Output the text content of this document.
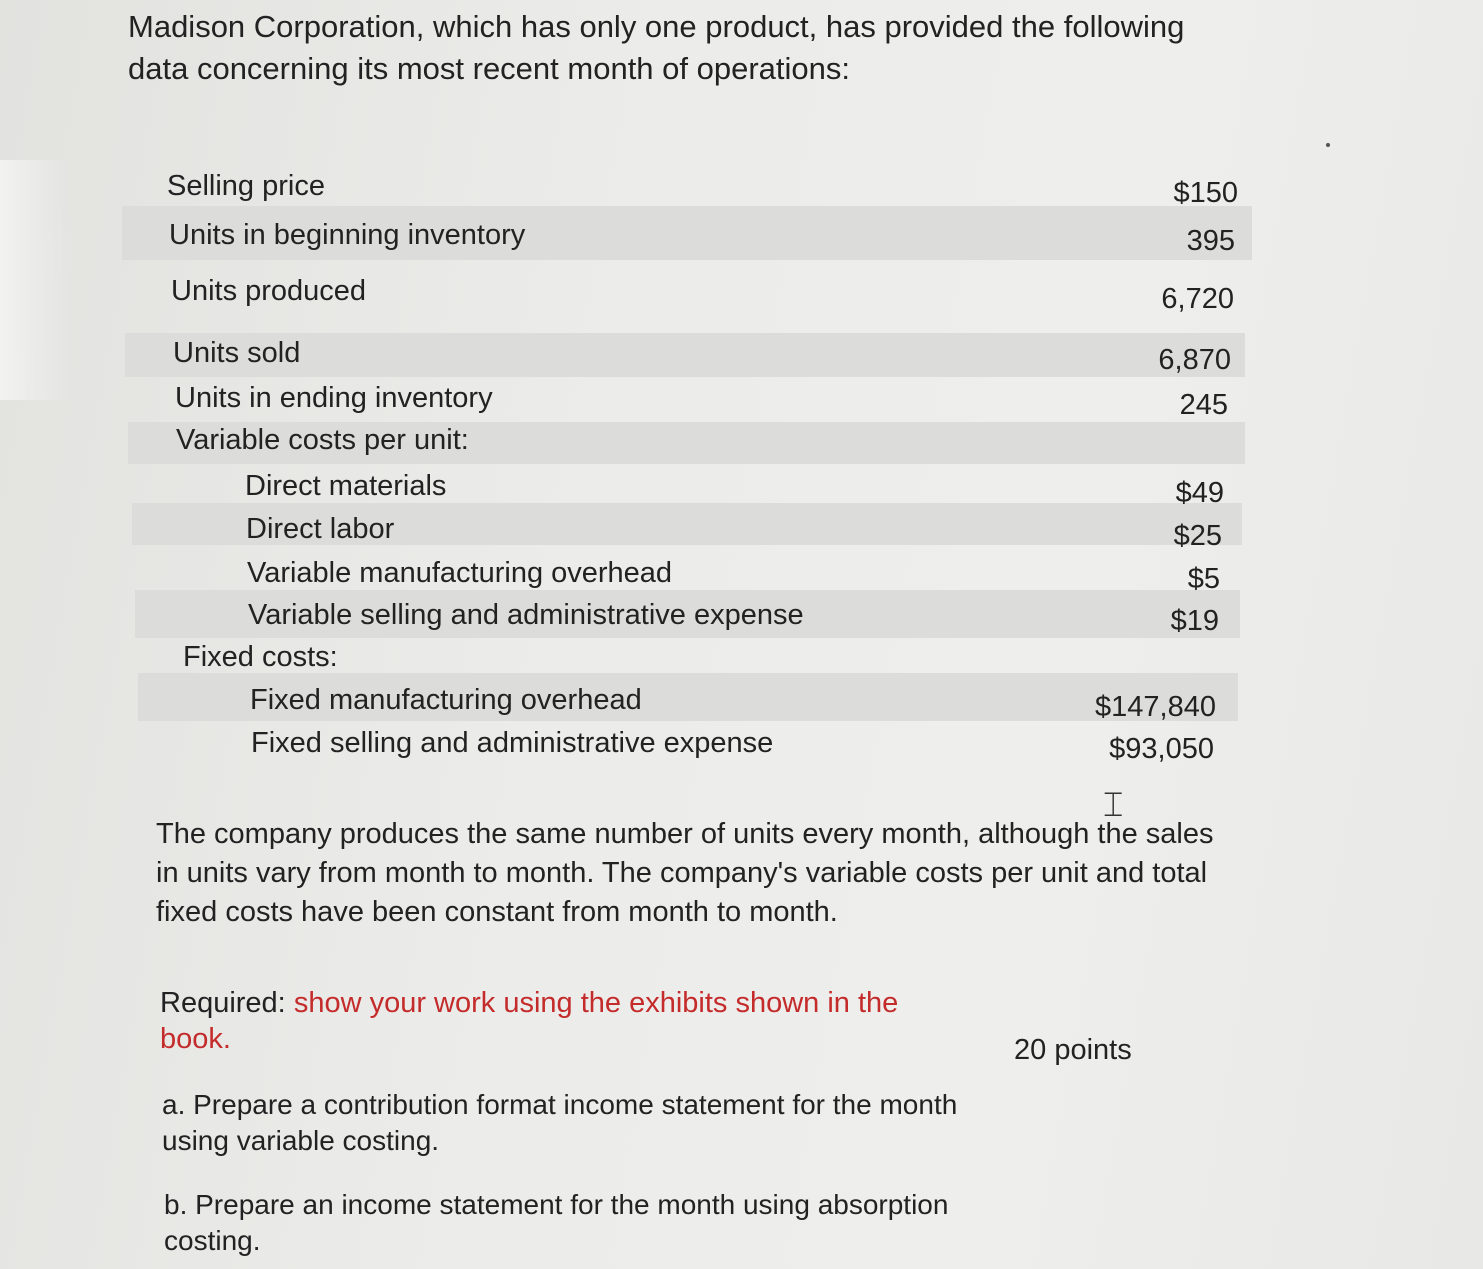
Madison Corporation, which has only one product, has provided the following data concerning its most recent month of operations:
Selling price	$150
Units in beginning inventory	395
Units produced	6,720
Units sold	6,870
Units in ending inventory	245
Variable costs per unit:
Direct materials	$49
Direct labor	$25
Variable manufacturing overhead	$5
Variable selling and administrative expense	$19
Fixed costs:
Fixed manufacturing overhead	$147,840
Fixed selling and administrative expense	$93,050
⌶
The company produces the same number of units every month, although the sales in units vary from month to month. The company's variable costs per unit and total fixed costs have been constant from month to month.
Required: show your work using the exhibits shown in the book.	20 points
a. Prepare a contribution format income statement for the month using variable costing.
b. Prepare an income statement for the month using absorption costing.
